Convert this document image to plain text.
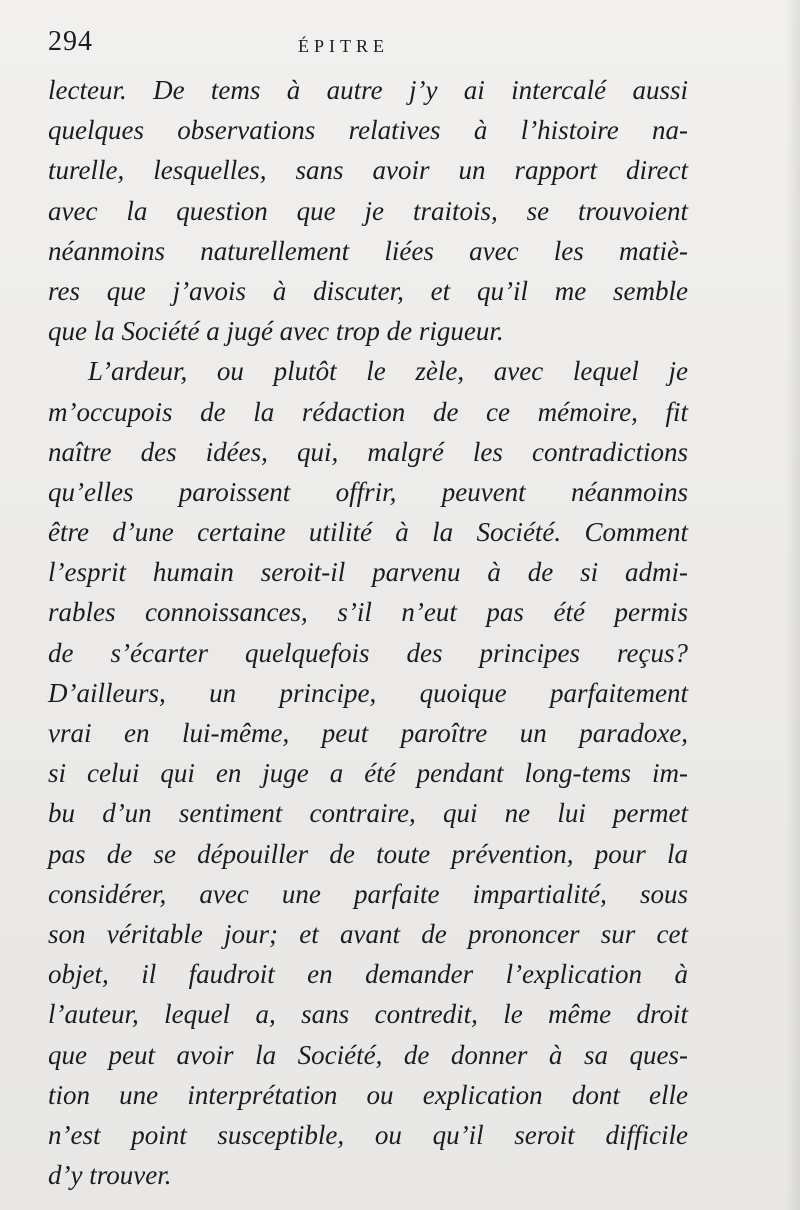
294	ÉPITRE
lecteur. De tems à autre j’y ai intercalé aussi
quelques observations relatives à l’histoire na-
turelle, lesquelles, sans avoir un rapport direct
avec la question que je traitois, se trouvoient
néanmoins naturellement liées avec les matiè-
res que j’avois à discuter, et qu’il me semble
que la Société a jugé avec trop de rigueur.
L’ardeur, ou plutôt le zèle, avec lequel je
m’occupois de la rédaction de ce mémoire, fit
naître des idées, qui, malgré les contradictions
qu’elles paroissent offrir, peuvent néanmoins
être d’une certaine utilité à la Société. Comment
l’esprit humain seroit-il parvenu à de si admi-
rables connoissances, s’il n’eut pas été permis
de s’écarter quelquefois des principes reçus?
D’ailleurs, un principe, quoique parfaitement
vrai en lui-même, peut paroître un paradoxe,
si celui qui en juge a été pendant long-tems im-
bu d’un sentiment contraire, qui ne lui permet
pas de se dépouiller de toute prévention, pour la
considérer, avec une parfaite impartialité, sous
son véritable jour; et avant de prononcer sur cet
objet, il faudroit en demander l’explication à
l’auteur, lequel a, sans contredit, le même droit
que peut avoir la Société, de donner à sa ques-
tion une interprétation ou explication dont elle
n’est point susceptible, ou qu’il seroit difficile
d’y trouver.
